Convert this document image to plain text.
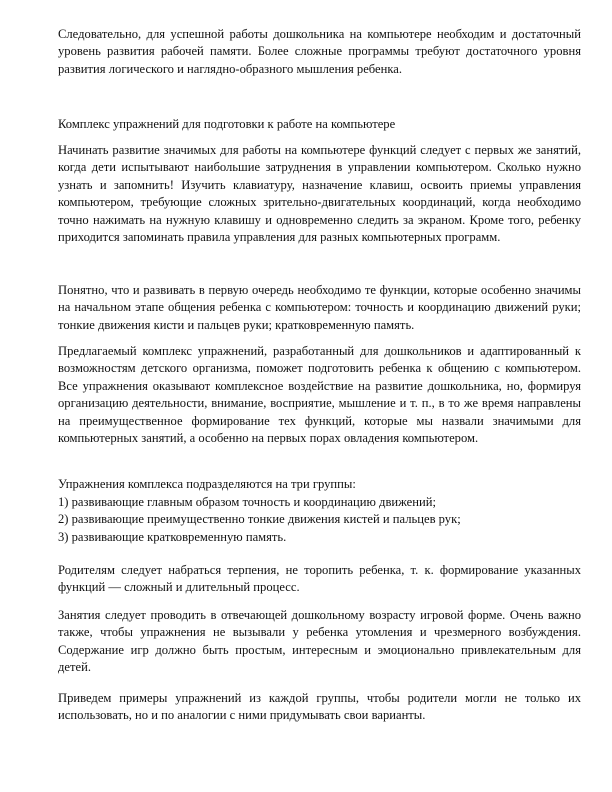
Следовательно, для успешной работы дошкольника на компьютере необходим и достаточный уровень развития рабочей памяти. Более сложные программы требуют достаточного уровня развития логического и наглядно-образного мышления ребенка.

Комплекс упражнений для подготовки к работе на компьютере

Начинать развитие значимых для работы на компьютере функций следует с первых же занятий, когда дети испытывают наибольшие затруднения в управлении компьютером. Сколько нужно узнать и запомнить! Изучить клавиатуру, назначение клавиш, освоить приемы управления компьютером, требующие сложных зрительно-двигательных координаций, когда необходимо точно нажимать на нужную клавишу и одновременно следить за экраном. Кроме того, ребенку приходится запоминать правила управления для разных компьютерных программ.

Понятно, что и развивать в первую очередь необходимо те функции, которые особенно значимы на начальном этапе общения ребенка с компьютером: точность и координацию движений руки; тонкие движения кисти и пальцев руки; кратковременную память.

Предлагаемый комплекс упражнений, разработанный для дошкольников и адаптированный к возможностям детского организма, поможет подготовить ребенка к общению с компьютером. Все упражнения оказывают комплексное воздействие на развитие дошкольника, но, формируя организацию деятельности, внимание, восприятие, мышление и т. п., в то же время направлены на преимущественное формирование тех функций, которые мы назвали значимыми для компьютерных занятий, а особенно на первых порах овладения компьютером.

Упражнения комплекса подразделяются на три группы:

1) развивающие главным образом точность и координацию движений;
2) развивающие преимущественно тонкие движения кистей и пальцев рук;
3) развивающие кратковременную память.

Родителям следует набраться терпения, не торопить ребенка, т. к. формирование указанных функций — сложный и длительный процесс.

Занятия следует проводить в отвечающей дошкольному возрасту игровой форме. Очень важно также, чтобы упражнения не вызывали у ребенка утомления и чрезмерного возбуждения. Содержание игр должно быть простым, интересным и эмоционально привлекательным для детей.

Приведем примеры упражнений из каждой группы, чтобы родители могли не только их использовать, но и по аналогии с ними придумывать свои варианты.
